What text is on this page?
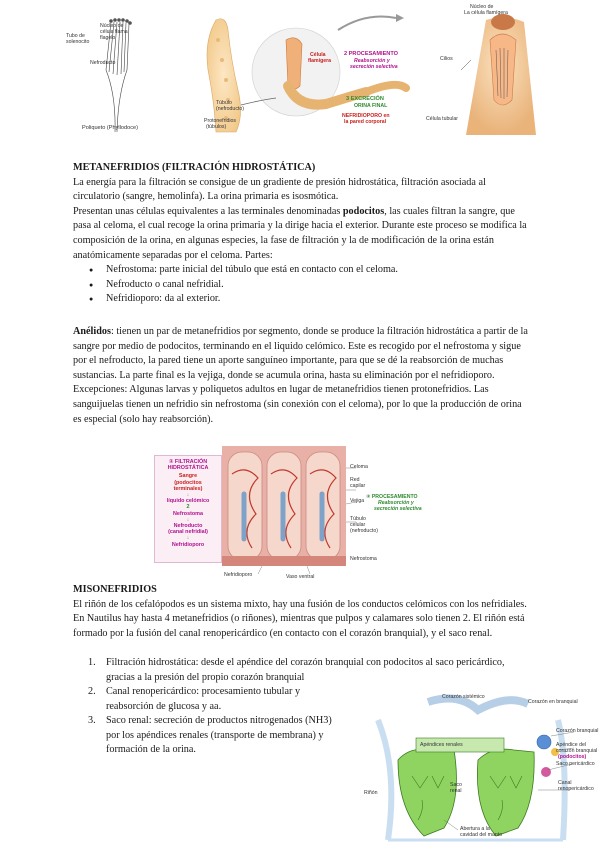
Núcleo de
célula flama
flagelo
Tubo de
solenocito
Nefroducto
Poliqueto (Phyllodoce)
Túbulo
(nefroducto)
Protonefridios
(túbulos)
Célula
flamígera
2 PROCESAMIENTO
Reabsorción y
secreción selectiva
3 EXCRECIÓN
ORINA FINAL
NEFRIDIOPORO en
la pared corporal
Núcleo de
La célula flamígera
Cilios
Célula tubular
METANEFRIDIOS (FILTRACIÓN HIDROSTÁTICA)

La energía para la filtración se consigue de un gradiente de presión hidrostática, filtración asociada al circulatorio (sangre, hemolinfa). La orina primaria es isosmótica.

Presentan unas células equivalentes a las terminales denominadas podocitos, las cuales filtran la sangre, que pasa al celoma, el cual recoge la orina primaria y la dirige hacia el exterior. Durante este proceso se modifica la composición de la orina, en algunas especies, la fase de filtración y la de modificación de la orina están anatómicamente separadas por el celoma. Partes:

● Nefrostoma: parte inicial del túbulo que está en contacto con el celoma.
● Nefroducto o canal nefridial.
● Nefridioporo: da al exterior.

Anélidos: tienen un par de metanefridios por segmento, donde se produce la filtración hidrostática a partir de la sangre por medio de podocitos, terminando en el liquido celómico. Este es recogido por el nefrostoma y sigue por el nefroducto, la pared tiene un aporte sanguíneo importante, para que se dé la reabsorción de muchas sustancias. La parte final es la vejiga, donde se acumula orina, hasta su eliminación por el nefridioporo.

Excepciones: Algunas larvas y poliquetos adultos en lugar de metanefridios tienen protonefridios. Las sanguijuelas tienen un nefridio sin nefrostoma (sin conexión con el celoma), por lo que la producción de orina es especial (solo hay reabsorción).

① FILTRACIÓN
HIDROSTÁTICA
Sangre
(podocitos
terminales)
↓
líquido celómico
2
Nefrostoma
↓
Nefroducto
(canal nefridial)
↓
Nefridioporo
Celoma
Red
capilar
Vejiga
Túbulo
celular
(nefroducto)
Nefrostoma
② PROCESAMIENTO
Reabsorción y
secreción selectiva
Nefridioporo	Vaso ventral
MISONEFRIDIOS

El riñón de los cefalópodos es un sistema mixto, hay una fusión de los conductos celómicos con los nefridiales. En Nautilus hay hasta 4 metanefridios (o riñones), mientras que pulpos y calamares solo tienen 2. El riñón está formado por la fusión del canal renopericárdico (en contacto con el corazón branquial), y el saco renal.

1. Filtración hidrostática: desde el apéndice del corazón branquial con podocitos al saco pericárdico, gracias a la presión del propio corazón branquial
2. Canal renopericárdico: procesamiento tubular y reabsorción de glucosa y aa.
3. Saco renal: secreción de productos nitrogenados (NH3) por los apéndices renales (transporte de membrana) y formación de la orina.
Corazón sistémico
Corazón en branquial
Apéndices renales
Corazón branquial
Apéndice del
corazón branquial
(podocitos)
Saco pericárdico
Canal
renopericárdico
Saco
renal
Riñón
Abertura a la
cavidad del manto
